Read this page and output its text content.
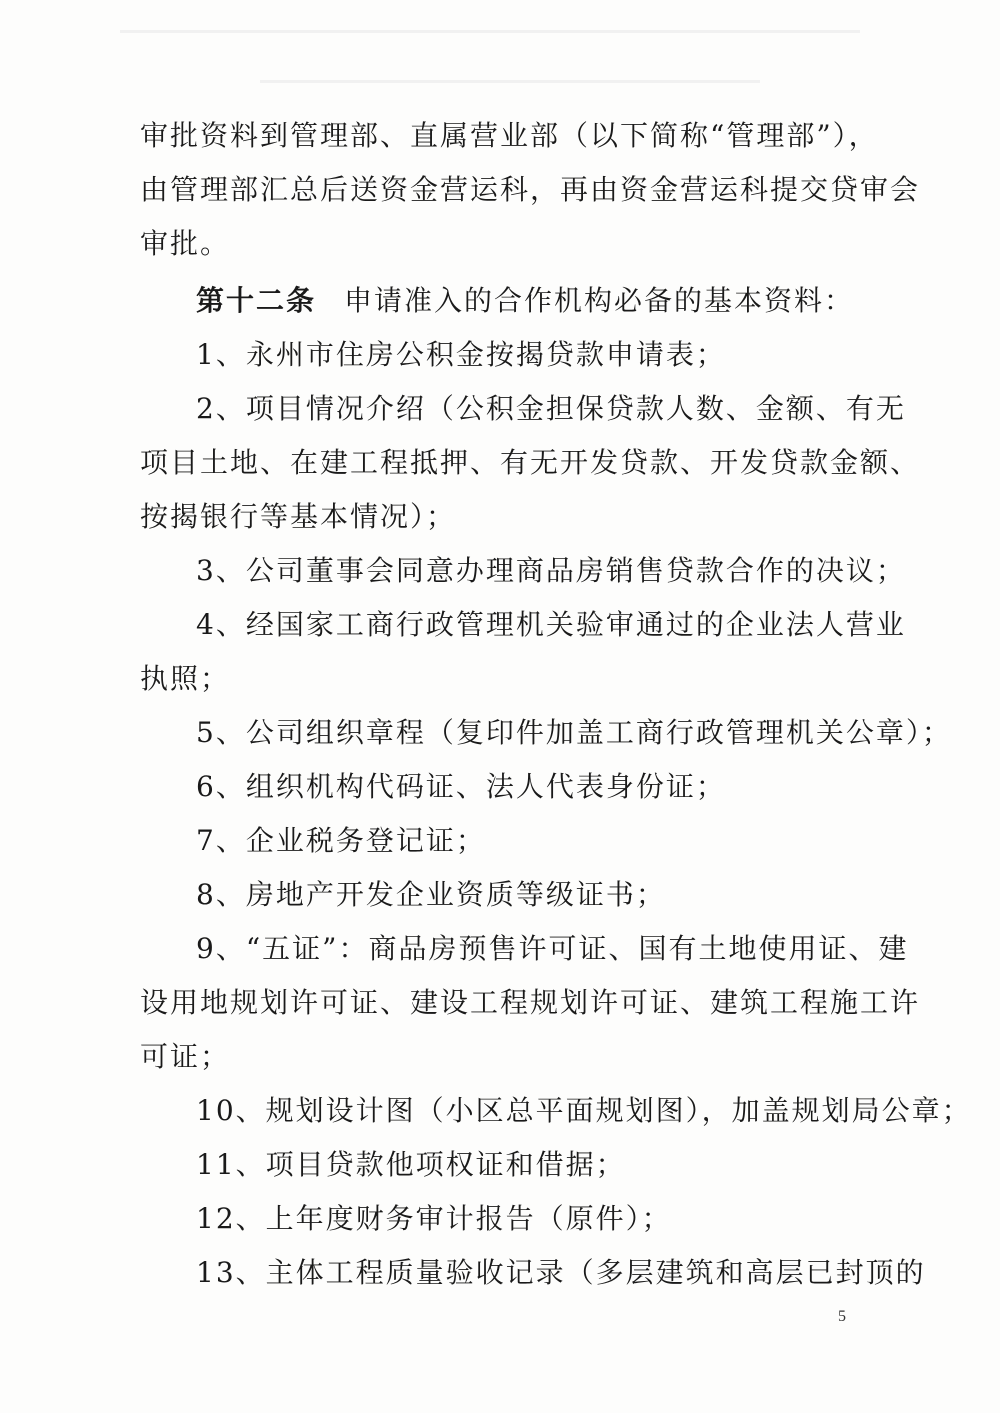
审批资料到管理部、直属营业部（以下简称“管理部”），
由管理部汇总后送资金营运科，再由资金营运科提交贷审会
审批。
第十二条 申请准入的合作机构必备的基本资料：
1、永州市住房公积金按揭贷款申请表；
2、项目情况介绍（公积金担保贷款人数、金额、有无
项目土地、在建工程抵押、有无开发贷款、开发贷款金额、
按揭银行等基本情况）；
3、公司董事会同意办理商品房销售贷款合作的决议；
4、经国家工商行政管理机关验审通过的企业法人营业
执照；
5、公司组织章程（复印件加盖工商行政管理机关公章）；
6、组织机构代码证、法人代表身份证；
7、企业税务登记证；
8、房地产开发企业资质等级证书；
9、“五证”：商品房预售许可证、国有土地使用证、建
设用地规划许可证、建设工程规划许可证、建筑工程施工许
可证；
10、规划设计图（小区总平面规划图），加盖规划局公章；
11、项目贷款他项权证和借据；
12、上年度财务审计报告（原件）；
13、主体工程质量验收记录（多层建筑和高层已封顶的
5
